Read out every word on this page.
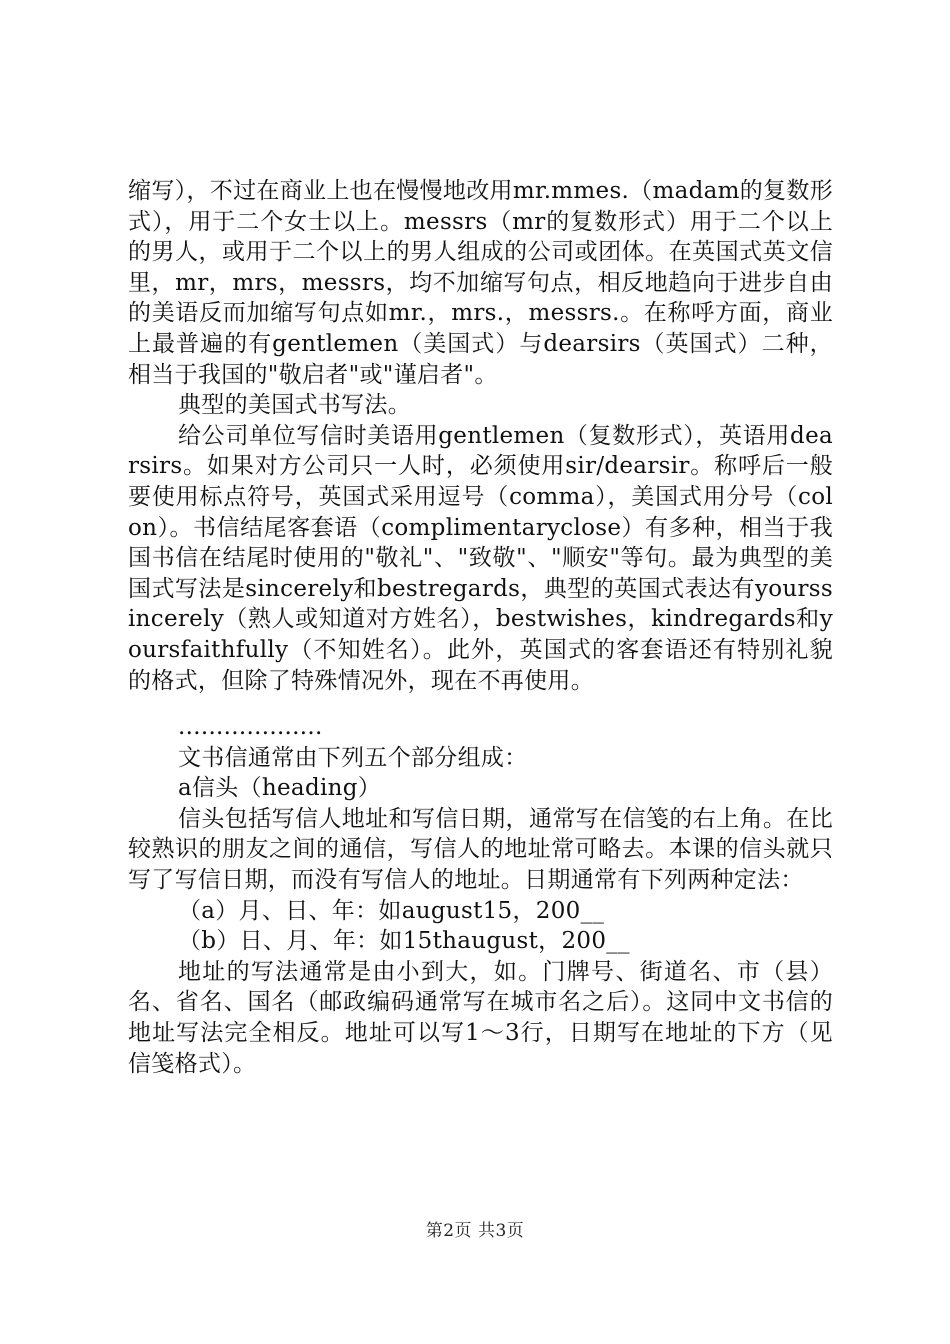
缩写），不过在商业上也在慢慢地改用mr.mmes.（madam的复数形式），用于二个女士以上。messrs（mr的复数形式）用于二个以上的男人，或用于二个以上的男人组成的公司或团体。在英国式英文信里，mr，mrs，messrs，均不加缩写句点，相反地趋向于进步自由的美语反而加缩写句点如mr.，mrs.，messrs.。在称呼方面，商业上最普遍的有gentlemen（美国式）与dearsirs（英国式）二种，相当于我国的"敬启者"或"谨启者"。

典型的美国式书写法。

给公司单位写信时美语用gentlemen（复数形式），英语用dearsirs。如果对方公司只一人时，必须使用sir/dearsir。称呼后一般要使用标点符号，英国式采用逗号（comma），美国式用分号（colon）。书信结尾客套语（complimentaryclose）有多种，相当于我国书信在结尾时使用的"敬礼"、"致敬"、"顺安"等句。最为典型的美国式写法是sincerely和bestregards，典型的英国式表达有yourssincerely（熟人或知道对方姓名），bestwishes，kindregards和yoursfaithfully（不知姓名）。此外，英国式的客套语还有特别礼貌的格式，但除了特殊情况外，现在不再使用。

...................

文书信通常由下列五个部分组成：

a信头（heading）

信头包括写信人地址和写信日期，通常写在信笺的右上角。在比较熟识的朋友之间的通信，写信人的地址常可略去。本课的信头就只写了写信日期，而没有写信人的地址。日期通常有下列两种定法：

（a）月、日、年：如august15，200__

（b）日、月、年：如15thaugust，200__

地址的写法通常是由小到大，如。门牌号、街道名、市（县）名、省名、国名（邮政编码通常写在城市名之后）。这同中文书信的地址写法完全相反。地址可以写1～3行，日期写在地址的下方（见信笺格式）。

第2页 共3页
